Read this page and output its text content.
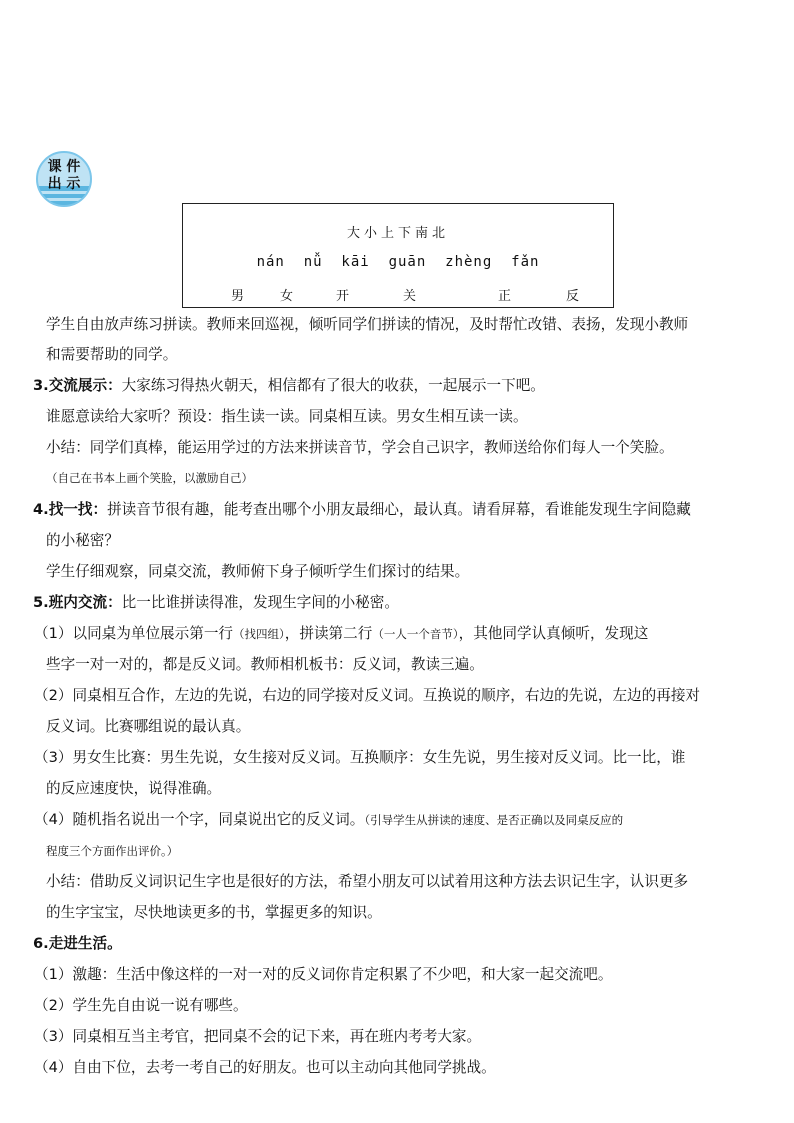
课 件
出 示
大小上下南北
nán  nǚ  kāi  guān  zhèng  fǎn
男	女	开	关	正	反
学生自由放声练习拼读。教师来回巡视，倾听同学们拼读的情况，及时帮忙改错、表扬，发现小教师
和需要帮助的同学。
3.交流展示：大家练习得热火朝天，相信都有了很大的收获，一起展示一下吧。
谁愿意读给大家听？预设：指生读一读。同桌相互读。男女生相互读一读。
小结：同学们真棒，能运用学过的方法来拼读音节，学会自己识字，教师送给你们每人一个笑脸。
（自己在书本上画个笑脸，以激励自己）
4.找一找：拼读音节很有趣，能考查出哪个小朋友最细心，最认真。请看屏幕，看谁能发现生字间隐藏
的小秘密？
学生仔细观察，同桌交流，教师俯下身子倾听学生们探讨的结果。
5.班内交流：比一比谁拼读得准，发现生字间的小秘密。
（1）以同桌为单位展示第一行（找四组），拼读第二行（一人一个音节），其他同学认真倾听，发现这
些字一对一对的，都是反义词。教师相机板书：反义词，教读三遍。
（2）同桌相互合作，左边的先说，右边的同学接对反义词。互换说的顺序，右边的先说，左边的再接对
反义词。比赛哪组说的最认真。
（3）男女生比赛：男生先说，女生接对反义词。互换顺序：女生先说，男生接对反义词。比一比，谁
的反应速度快，说得准确。
（4）随机指名说出一个字，同桌说出它的反义词。（引导学生从拼读的速度、是否正确以及同桌反应的
程度三个方面作出评价。）
小结：借助反义词识记生字也是很好的方法，希望小朋友可以试着用这种方法去识记生字，认识更多
的生字宝宝，尽快地读更多的书，掌握更多的知识。
6.走进生活。
（1）激趣：生活中像这样的一对一对的反义词你肯定积累了不少吧，和大家一起交流吧。
（2）学生先自由说一说有哪些。
（3）同桌相互当主考官，把同桌不会的记下来，再在班内考考大家。
（4）自由下位，去考一考自己的好朋友。也可以主动向其他同学挑战。
